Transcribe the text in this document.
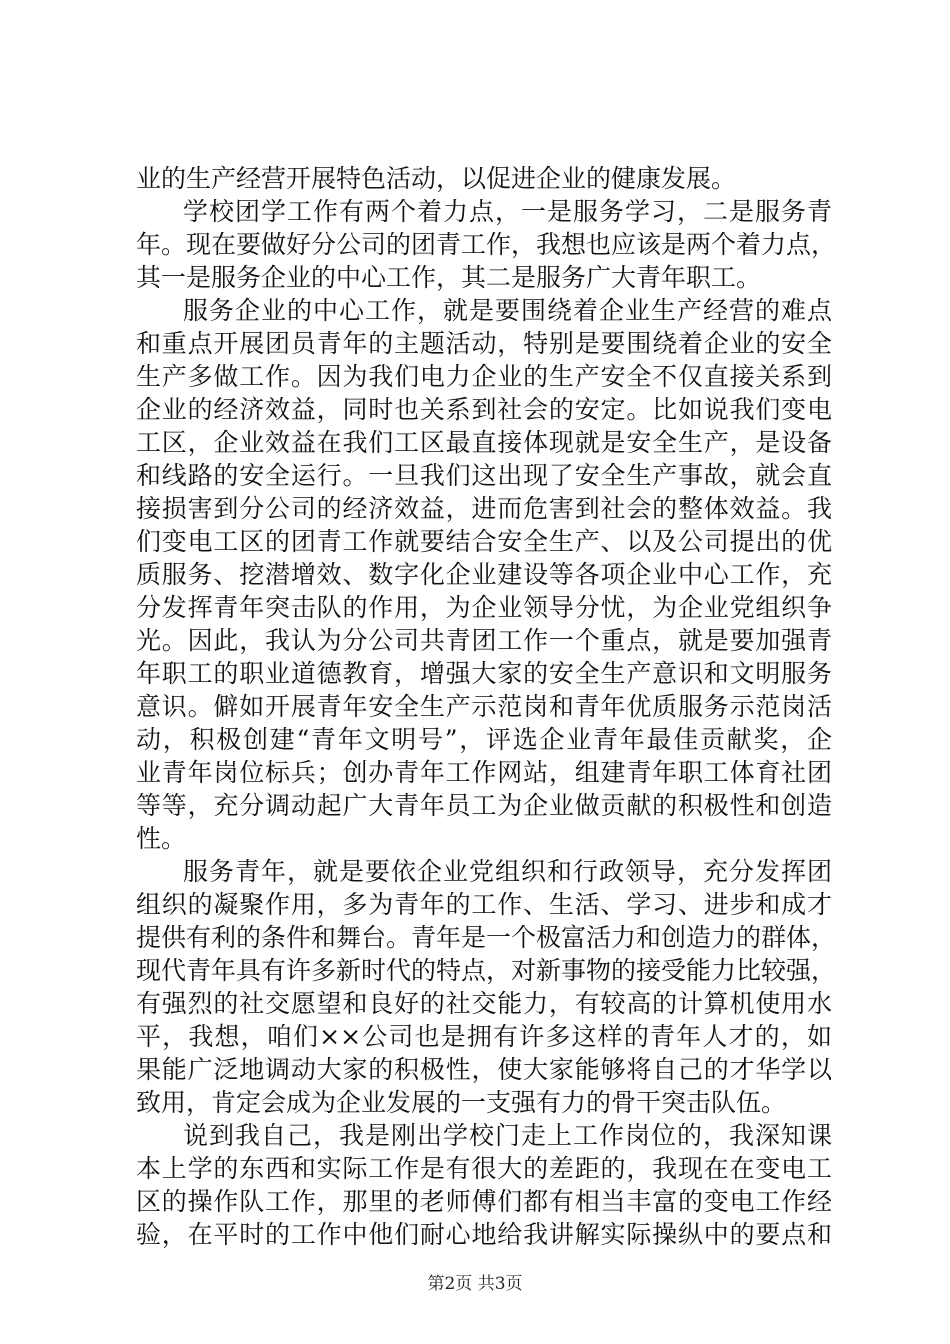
业的生产经营开展特色活动，以促进企业的健康发展。
学校团学工作有两个着力点，一是服务学习，二是服务青
年。现在要做好分公司的团青工作，我想也应该是两个着力点，
其一是服务企业的中心工作，其二是服务广大青年职工。
服务企业的中心工作，就是要围绕着企业生产经营的难点
和重点开展团员青年的主题活动，特别是要围绕着企业的安全
生产多做工作。因为我们电力企业的生产安全不仅直接关系到
企业的经济效益，同时也关系到社会的安定。比如说我们变电
工区，企业效益在我们工区最直接体现就是安全生产，是设备
和线路的安全运行。一旦我们这出现了安全生产事故，就会直
接损害到分公司的经济效益，进而危害到社会的整体效益。我
们变电工区的团青工作就要结合安全生产、以及公司提出的优
质服务、挖潜增效、数字化企业建设等各项企业中心工作，充
分发挥青年突击队的作用，为企业领导分忧，为企业党组织争
光。因此，我认为分公司共青团工作一个重点，就是要加强青
年职工的职业道德教育，增强大家的安全生产意识和文明服务
意识。僻如开展青年安全生产示范岗和青年优质服务示范岗活
动，积极创建“青年文明号”，评选企业青年最佳贡献奖，企
业青年岗位标兵；创办青年工作网站，组建青年职工体育社团
等等，充分调动起广大青年员工为企业做贡献的积极性和创造
性。
服务青年，就是要依企业党组织和行政领导，充分发挥团
组织的凝聚作用，多为青年的工作、生活、学习、进步和成才
提供有利的条件和舞台。青年是一个极富活力和创造力的群体，
现代青年具有许多新时代的特点，对新事物的接受能力比较强，
有强烈的社交愿望和良好的社交能力，有较高的计算机使用水
平，我想，咱们××公司也是拥有许多这样的青年人才的，如
果能广泛地调动大家的积极性，使大家能够将自己的才华学以
致用，肯定会成为企业发展的一支强有力的骨干突击队伍。
说到我自己，我是刚出学校门走上工作岗位的，我深知课
本上学的东西和实际工作是有很大的差距的，我现在在变电工
区的操作队工作，那里的老师傅们都有相当丰富的变电工作经
验，在平时的工作中他们耐心地给我讲解实际操纵中的要点和
第2页 共3页
